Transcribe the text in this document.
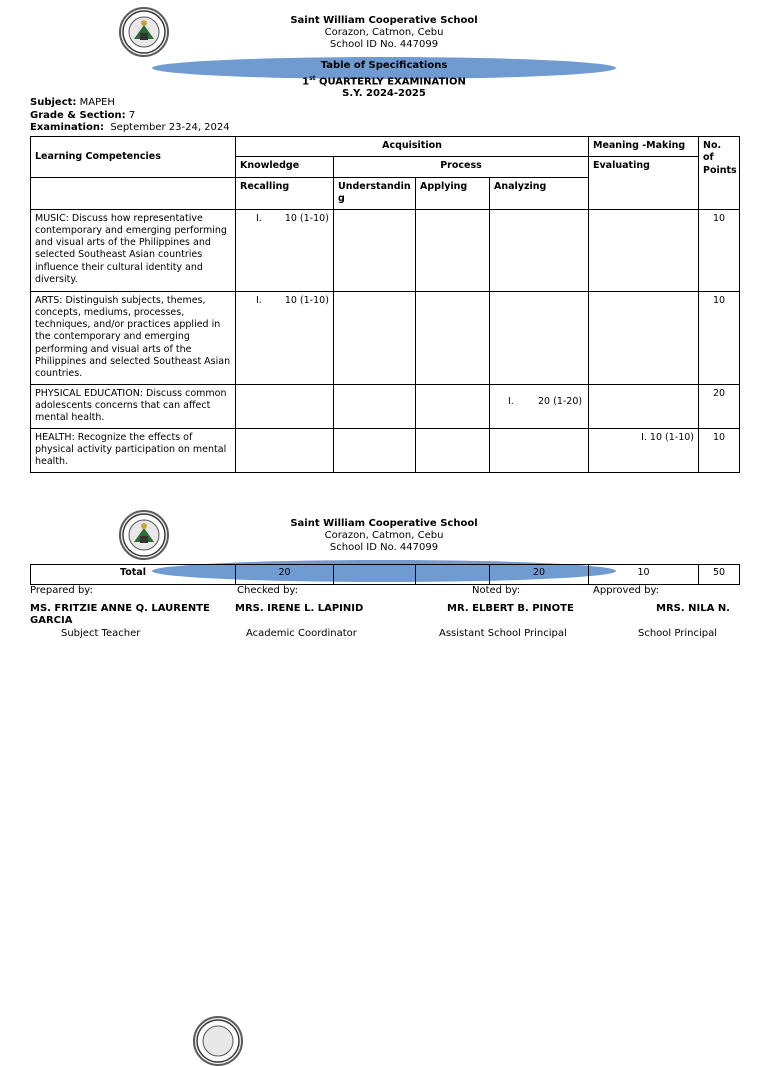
Saint William Cooperative School
Corazon, Catmon, Cebu
School ID No. 447099
Table of Specifications
1st QUARTERLY EXAMINATION
S.Y. 2024-2025
Subject: MAPEH
Grade & Section: 7
Examination: September 23-24, 2024
Learning Competencies	Acquisition				Meaning -Making	No. of Points
	Knowledge	Process			Evaluating	
	Recalling	Understanding	Applying	Analyzing		
MUSIC: Discuss how representative contemporary and emerging performing and visual arts of the Philippines and selected Southeast Asian countries influence their cultural identity and diversity.	I. 10 (1-10)					10
ARTS: Distinguish subjects, themes, concepts, mediums, processes, techniques, and/or practices applied in the contemporary and emerging performing and visual arts of the Philippines and selected Southeast Asian countries.	I. 10 (1-10)					10
PHYSICAL EDUCATION: Discuss common adolescents concerns that can affect mental health.				I. 20 (1-20)		20
HEALTH: Recognize the effects of physical activity participation on mental health.					I. 10 (1-10)	10
Saint William Cooperative School
Corazon, Catmon, Cebu
School ID No. 447099
Total	20			20	10	50
Prepared by:	Checked by:	Noted by:	Approved by:
MS. FRITZIE ANNE Q. LAURENTE
GARCIA
MRS. IRENE L. LAPINID	MR. ELBERT B. PINOTE	MRS. NILA N.
Subject Teacher	Academic Coordinator	Assistant School Principal	School Principal
